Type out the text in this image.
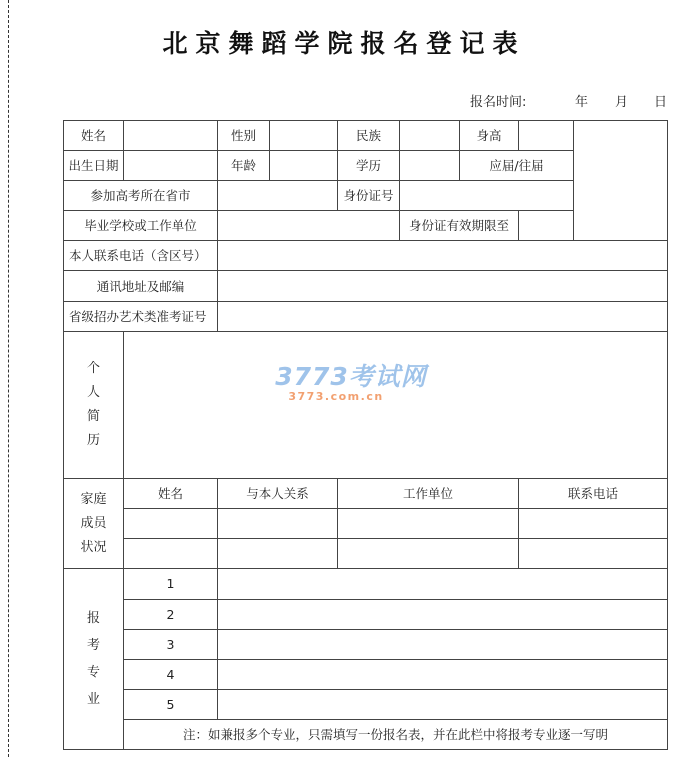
北京舞蹈学院报名登记表
报名时间:	年 月 日
姓名		性别		民族		身高		
出生日期		年龄		学历		应届/往届		
参加高考所在省市				身份证号				
毕业学校或工作单位					身份证有效期限至			
本人联系电话（含区号）								
通讯地址及邮编								
省级招办艺术类准考证号								
个人简历								
家庭成员状况	姓名	与本人关系		工作单位			联系电话	

报考专业	1							
	2							
	3							
	4							
	5							
	注：如兼报多个专业，只需填写一份报名表，并在此栏中将报考专业逐一写明							
3773考试网
3773.com.cn
